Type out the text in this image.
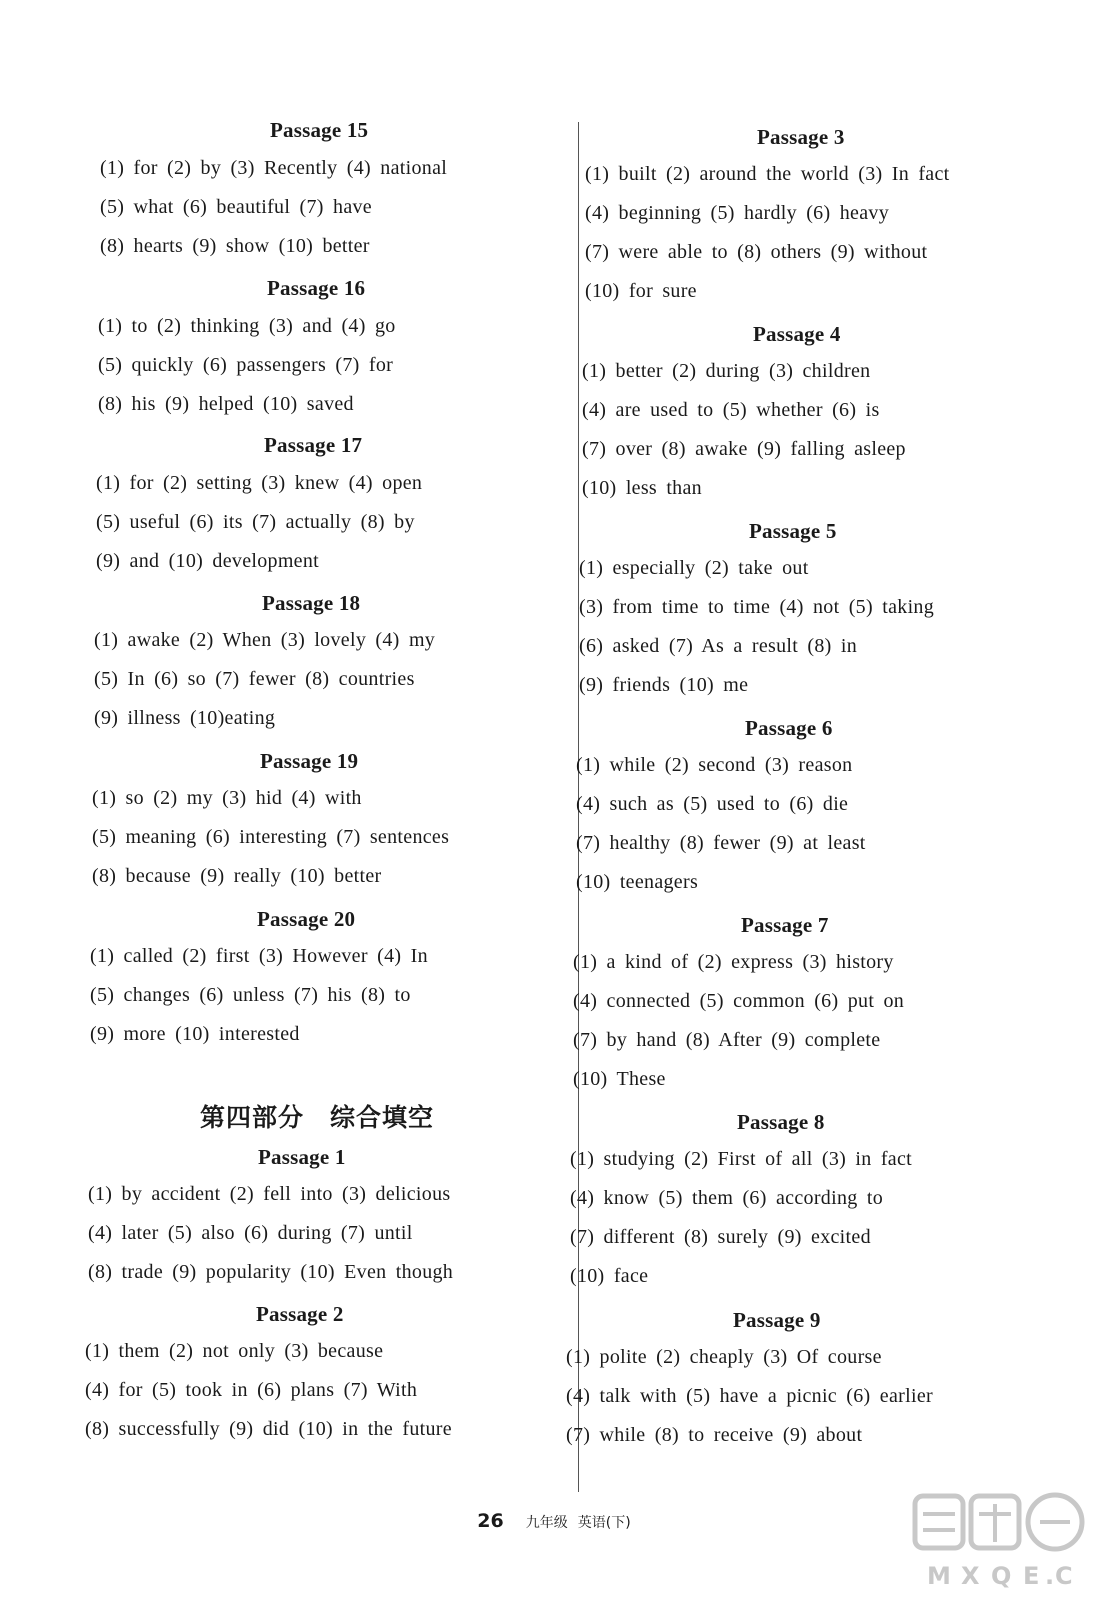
Passage 15
(1) for (2) by (3) Recently (4) national
(5) what (6) beautiful (7) have
(8) hearts (9) show (10) better
Passage 16
(1) to (2) thinking (3) and (4) go
(5) quickly (6) passengers (7) for
(8) his (9) helped (10) saved
Passage 17
(1) for (2) setting (3) knew (4) open
(5) useful (6) its (7) actually (8) by
(9) and (10) development
Passage 18
(1) awake (2) When (3) lovely (4) my
(5) In (6) so (7) fewer (8) countries
(9) illness (10)eating
Passage 19
(1) so (2) my (3) hid (4) with
(5) meaning (6) interesting (7) sentences
(8) because (9) really (10) better
Passage 20
(1) called (2) first (3) However (4) In
(5) changes (6) unless (7) his (8) to
(9) more (10) interested
Passage 1
(1) by accident (2) fell into (3) delicious
(4) later (5) also (6) during (7) until
(8) trade (9) popularity (10) Even though
Passage 2
(1) them (2) not only (3) because
(4) for (5) took in (6) plans (7) With
(8) successfully (9) did (10) in the future
第四部分　综合填空
Passage 3
(1) built (2) around the world (3) In fact
(4) beginning (5) hardly (6) heavy
(7) were able to (8) others (9) without
(10) for sure
Passage 4
(1) better (2) during (3) children
(4) are used to (5) whether (6) is
(7) over (8) awake (9) falling asleep
(10) less than
Passage 5
(1) especially (2) take out
(3) from time to time (4) not (5) taking
(6) asked (7) As a result (8) in
(9) friends (10) me
Passage 6
(1) while (2) second (3) reason
(4) such as (5) used to (6) die
(7) healthy (8) fewer (9) at least
(10) teenagers
Passage 7
(1) a kind of (2) express (3) history
(4) connected (5) common (6) put on
(7) by hand (8) After (9) complete
(10) These
Passage 8
(1) studying (2) First of all (3) in fact
(4) know (5) them (6) according to
(7) different (8) surely (9) excited
(10) face
Passage 9
(1) polite (2) cheaply (3) Of course
(4) talk with (5) have a picnic (6) earlier
(7) while (8) to receive (9) about
26 九年级 英语(下)
M X Q E . C
